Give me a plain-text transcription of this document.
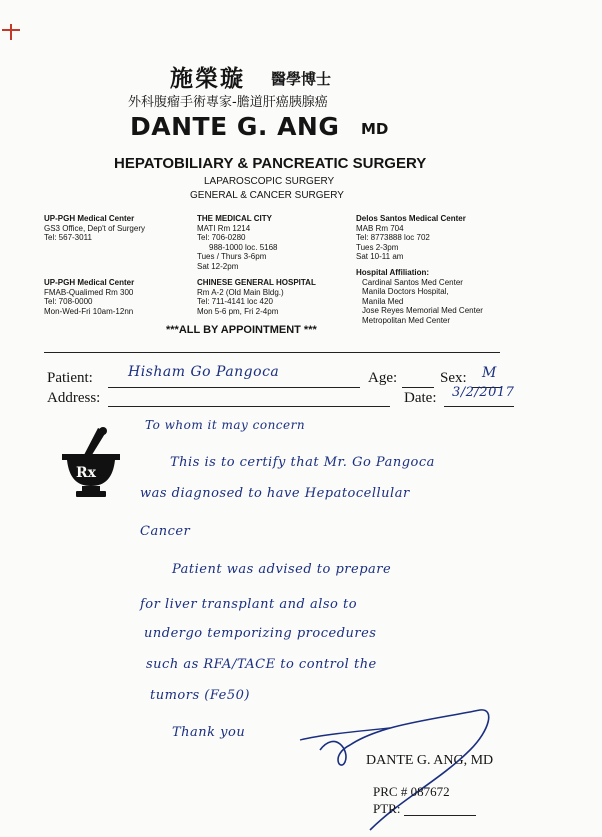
施榮璇 醫學博士
外科腹瘤手術專家-膽道肝癌胰腺癌
DANTE G. ANG MD
HEPATOBILIARY & PANCREATIC SURGERY
LAPAROSCOPIC SURGERY
GENERAL & CANCER SURGERY
UP-PGH Medical Center
GS3 Office, Dep't of Surgery
Tel: 567-3011
THE MEDICAL CITY
MATI Rm 1214
Tel: 706-0280
988-1000 loc. 5168
Tues / Thurs 3-6pm
Sat 12-2pm
Delos Santos Medical Center
MAB Rm 704
Tel: 8773888 loc 702
Tues 2-3pm
Sat 10-11 am
UP-PGH Medical Center
FMAB-Qualimed Rm 300
Tel: 708-0000
Mon-Wed-Fri 10am-12nn
CHINESE GENERAL HOSPITAL
Rm A-2 (Old Main Bldg.)
Tel: 711-4141 loc 420
Mon 5-6 pm, Fri 2-4pm
Hospital Affiliation:
Cardinal Santos Med Center
Manila Doctors Hospital,
Manila Med
Jose Reyes Memorial Med Center
Metropolitan Med Center
***ALL BY APPOINTMENT ***
Patient:	Hisham Go Pangoca	Age:	Sex: M
Address:	Date: 3/2/2017
Rx
To whom it may concern
This is to certify that Mr. Go Pangoca
was diagnosed to have Hepatocellular
Cancer
Patient was advised to prepare
for liver transplant and also to
undergo temporizing procedures
such as RFA/TACE to control the
tumors (Fe50)
Thank you
DANTE G. ANG, MD
PRC # 087672
PTR:
